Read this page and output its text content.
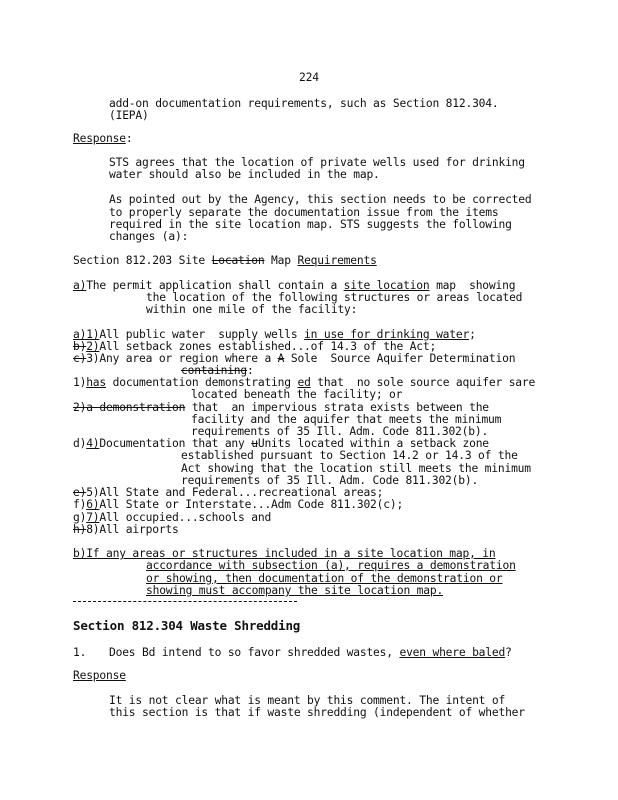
224
add-on documentation requirements, such as Section 812.304.
(IEPA)
Response:
STS agrees that the location of private wells used for drinking
water should also be included in the map.
As pointed out by the Agency, this section needs to be corrected
to properly separate the documentation issue from the items
required in the site location map. STS suggests the following
changes (a):
Section 812.203 Site Location Map Requirements
a)The permit application shall contain a site location map  showing
the location of the following structures or areas located
within one mile of the facility:
a)1)All public water  supply wells in use for drinking water;
b)2)All setback zones established...of 14.3 of the Act;
c)3)Any area or region where a A Sole  Source Aquifer Determination
containing:
1)has documentation demonstrating ed that  no sole source aquifer sare
located beneath the facility; or
2)a demonstration that  an impervious strata exists between the
facility and the aquifer that meets the minimum
requirements of 35 Ill. Adm. Code 811.302(b).
d)4)Documentation that any uUnits located within a setback zone
established pursuant to Section 14.2 or 14.3 of the
Act showing that the location still meets the minimum
requirements of 35 Ill. Adm. Code 811.302(b).
e)5)All State and Federal...recreational areas;
f)6)All State or Interstate...Adm Code 811.302(c);
g)7)All occupied...schools and
h)8)All airports
b)If any areas or structures included in a site location map, in
accordance with subsection (a), requires a demonstration
or showing, then documentation of the demonstration or
showing must accompany the site location map.
Section 812.304 Waste Shredding
1. Does Bd intend to so favor shredded wastes, even where baled?
Response
It is not clear what is meant by this comment. The intent of
this section is that if waste shredding (independent of whether
